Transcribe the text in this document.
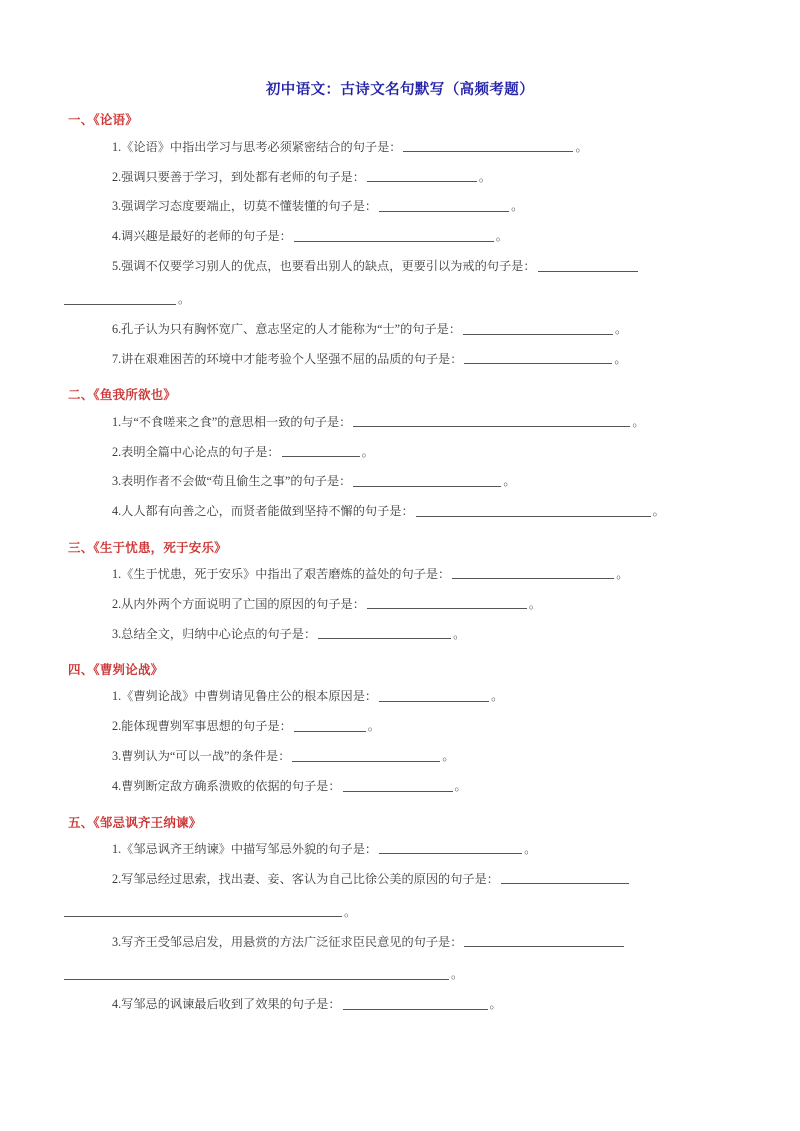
初中语文：古诗文名句默写（高频考题）
一、《论语》
1.《论语》中指出学习与思考必须紧密结合的句子是：	。
2.强调只要善于学习，到处都有老师的句子是：	。
3.强调学习态度要端止，切莫不懂装懂的句子是：	。
4.调兴趣是最好的老师的句子是：	。
5.强调不仅要学习别人的优点，也要看出别人的缺点，更要引以为戒的句子是：
。
6.孔子认为只有胸怀宽广、意志坚定的人才能称为“士”的句子是：	。
7.讲在艰难困苦的环境中才能考验个人坚强不屈的品质的句子是：	。
二、《鱼我所欲也》
1.与“不食嗟来之食”的意思相一致的句子是：	。
2.表明全篇中心论点的句子是：	。
3.表明作者不会做“苟且偷生之事”的句子是：	。
4.人人都有向善之心，而贤者能做到坚持不懈的句子是：	。
三、《生于忧患，死于安乐》
1.《生于忧患，死于安乐》中指出了艰苦磨炼的益处的句子是：	。
2.从内外两个方面说明了亡国的原因的句子是：	。
3.总结全文，归纳中心论点的句子是：	。
四、《曹刿论战》
1.《曹刿论战》中曹刿请见鲁庄公的根本原因是：	。
2.能体现曹刿军事思想的句子是：	。
3.曹刿认为“可以一战”的条件是：	。
4.曹刿断定敌方确系溃败的依据的句子是：	。
五、《邹忌讽齐王纳谏》
1.《邹忌讽齐王纳谏》中描写邹忌外貌的句子是：	。
2.写邹忌经过思索，找出妻、妾、客认为自己比徐公美的原因的句子是：
。
3.写齐王受邹忌启发，用悬赏的方法广泛征求臣民意见的句子是：
。
4.写邹忌的讽谏最后收到了效果的句子是：	。
